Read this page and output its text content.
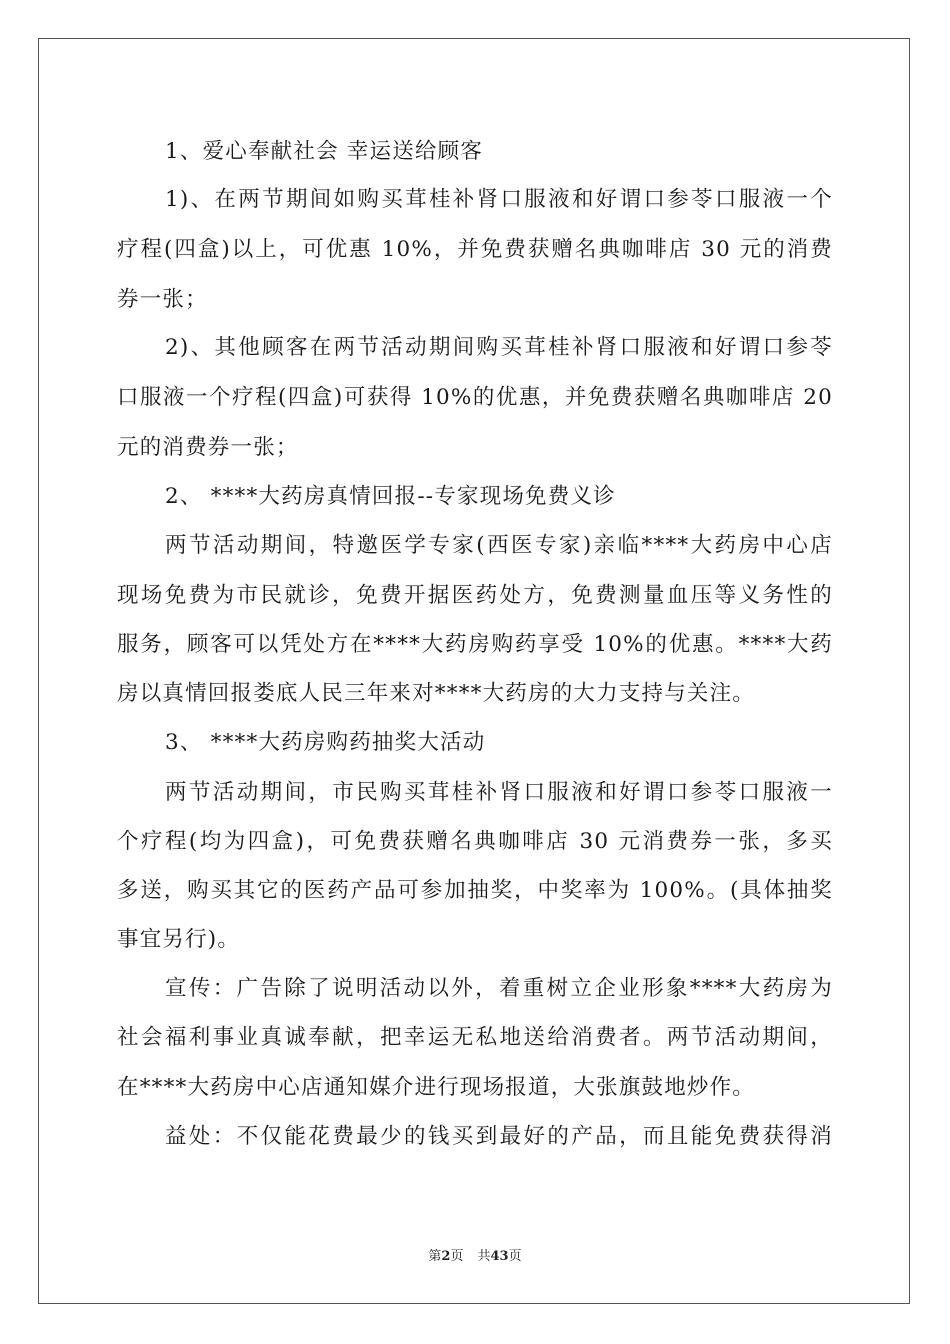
1、爱心奉献社会 幸运送给顾客
1)、在两节期间如购买茸桂补肾口服液和好谓口参苓口服液一个
疗程(四盒)以上，可优惠 10%，并免费获赠名典咖啡店 30 元的消费
券一张；
2)、其他顾客在两节活动期间购买茸桂补肾口服液和好谓口参苓
口服液一个疗程(四盒)可获得 10%的优惠，并免费获赠名典咖啡店 20
元的消费券一张；
2、 ****大药房真情回报--专家现场免费义诊
两节活动期间，特邀医学专家(西医专家)亲临****大药房中心店
现场免费为市民就诊，免费开据医药处方，免费测量血压等义务性的
服务，顾客可以凭处方在****大药房购药享受 10%的优惠。****大药
房以真情回报娄底人民三年来对****大药房的大力支持与关注。
3、 ****大药房购药抽奖大活动
两节活动期间，市民购买茸桂补肾口服液和好谓口参苓口服液一
个疗程(均为四盒)，可免费获赠名典咖啡店 30 元消费券一张，多买
多送，购买其它的医药产品可参加抽奖，中奖率为 100%。(具体抽奖
事宜另行)。
宣传：广告除了说明活动以外，着重树立企业形象****大药房为
社会福利事业真诚奉献，把幸运无私地送给消费者。两节活动期间，
在****大药房中心店通知媒介进行现场报道，大张旗鼓地炒作。
益处：不仅能花费最少的钱买到最好的产品，而且能免费获得消
第2页 共43页
